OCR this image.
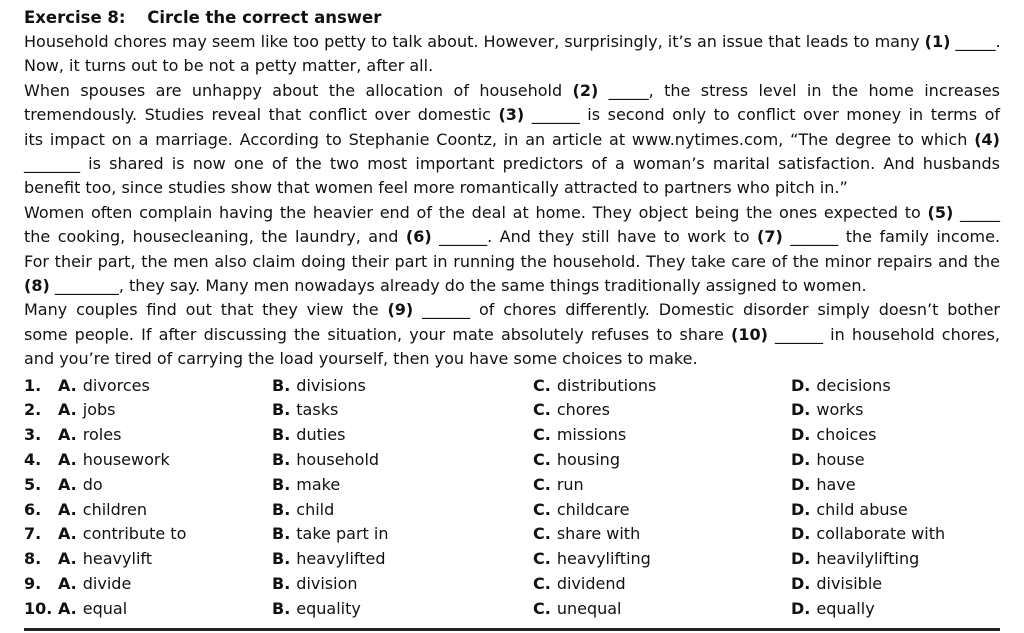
Exercise 8: Circle the correct answer
Household chores may seem like too petty to talk about. However, surprisingly, it’s an issue that leads to many (1) _____.
Now, it turns out to be not a petty matter, after all.
When spouses are unhappy about the allocation of household (2) _____, the stress level in the home increases
tremendously. Studies reveal that conflict over domestic (3) ______ is second only to conflict over money in terms of
its impact on a marriage. According to Stephanie Coontz, in an article at www.nytimes.com, “The degree to which (4)
_______ is shared is now one of the two most important predictors of a woman’s marital satisfaction. And husbands
benefit too, since studies show that women feel more romantically attracted to partners who pitch in.”
Women often complain having the heavier end of the deal at home. They object being the ones expected to (5) _____
the cooking, housecleaning, the laundry, and (6) ______. And they still have to work to (7) ______ the family income.
For their part, the men also claim doing their part in running the household. They take care of the minor repairs and the
(8) ________, they say. Many men nowadays already do the same things traditionally assigned to women.
Many couples find out that they view the (9) ______ of chores differently. Domestic disorder simply doesn’t bother
some people. If after discussing the situation, your mate absolutely refuses to share (10) ______ in household chores,
and you’re tired of carrying the load yourself, then you have some choices to make.
1. A. divorces	B. divisions	C. distributions	D. decisions
2. A. jobs	B. tasks	C. chores	D. works
3. A. roles	B. duties	C. missions	D. choices
4. A. housework	B. household	C. housing	D. house
5. A. do	B. make	C. run	D. have
6. A. children	B. child	C. childcare	D. child abuse
7. A. contribute to	B. take part in	C. share with	D. collaborate with
8. A. heavylift	B. heavylifted	C. heavylifting	D. heavilylifting
9. A. divide	B. division	C. dividend	D. divisible
10. A. equal	B. equality	C. unequal	D. equally
